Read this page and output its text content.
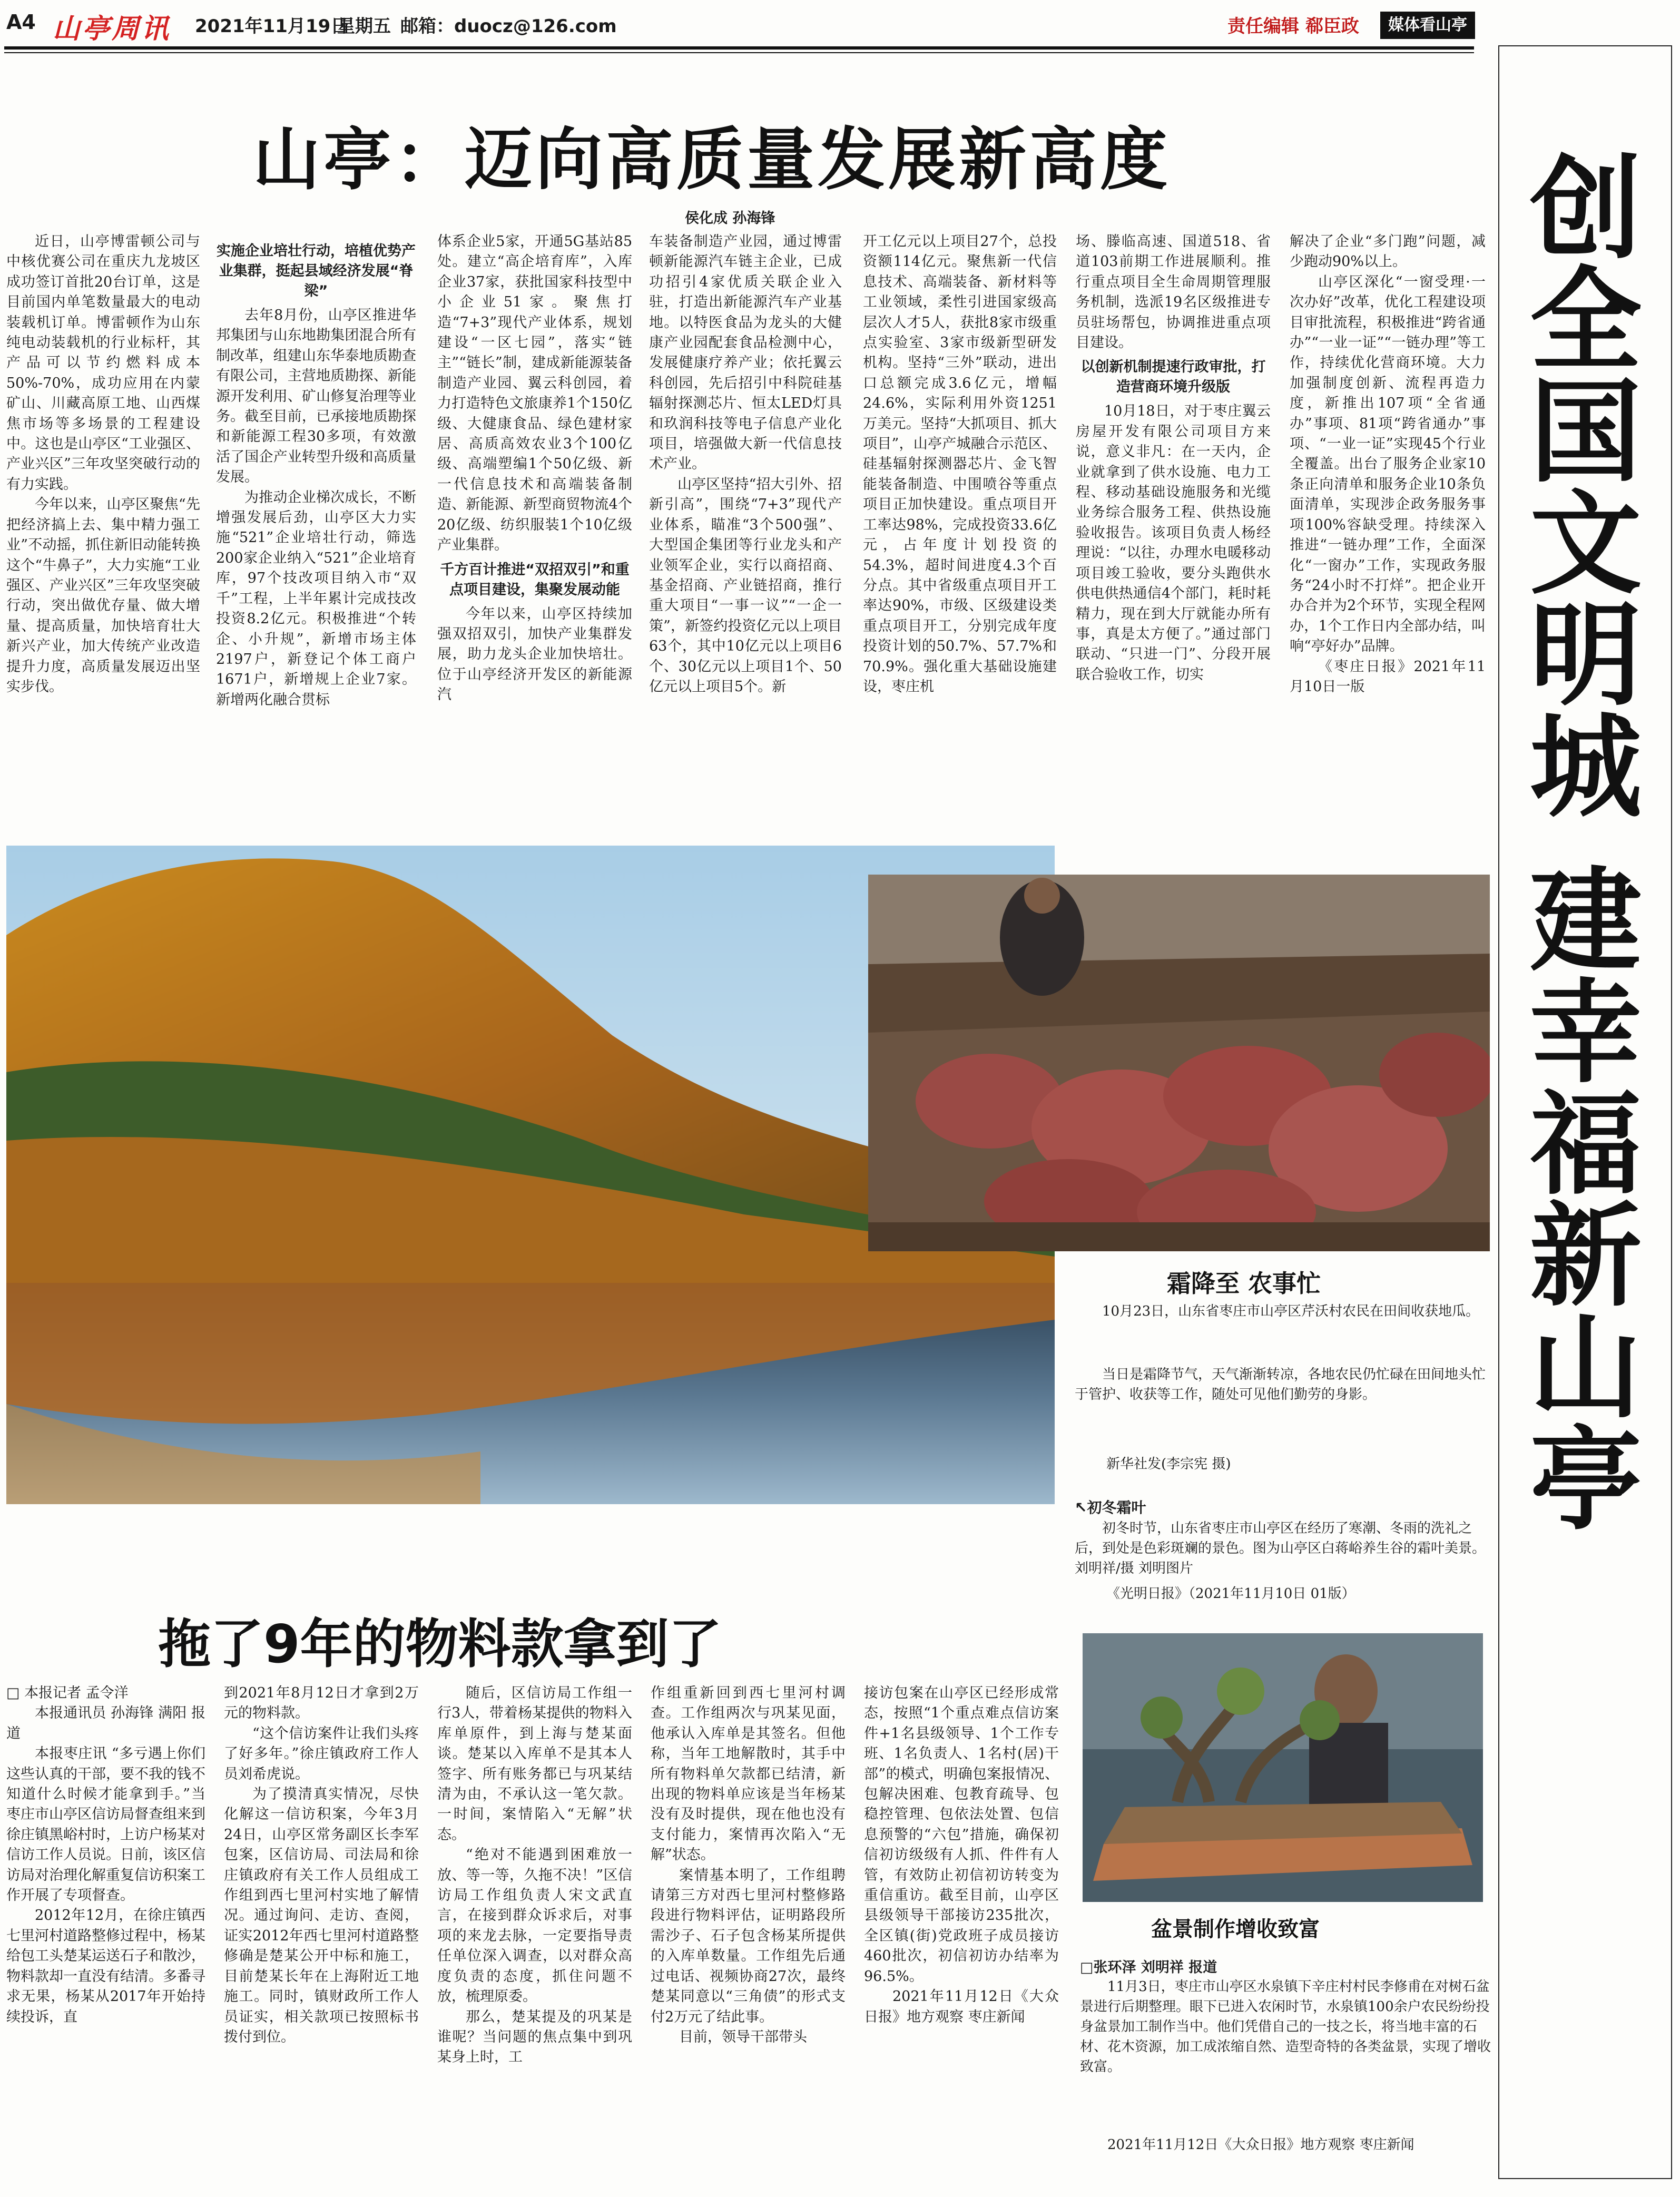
A4 山亭周讯 2021年11月19日
星期五 邮箱：duocz@126.com	责任编辑 郗臣政	媒体看山亭
创
全
国
文
明
城
建
幸
福
新
山
亭
山亭：迈向高质量发展新高度
侯化成 孙海锋

近日，山亭博雷顿公司与中核优赛公司在重庆九龙坡区成功签订首批20台订单，这是目前国内单笔数量最大的电动装载机订单。博雷顿作为山东纯电动装载机的行业标杆，其产品可以节约燃料成本50%-70%，成功应用在内蒙矿山、川藏高原工地、山西煤焦市场等多场景的工程建设中。这也是山亭区“工业强区、产业兴区”三年攻坚突破行动的有力实践。

今年以来，山亭区聚焦“先把经济搞上去、集中精力强工业”不动摇，抓住新旧动能转换这个“牛鼻子”，大力实施“工业强区、产业兴区”三年攻坚突破行动，突出做优存量、做大增量、提高质量，加快培育壮大新兴产业，加大传统产业改造提升力度，高质量发展迈出坚实步伐。

实施企业培壮行动，培植优势产业集群，挺起县域经济发展“脊梁”

去年8月份，山亭区推进华邦集团与山东地勘集团混合所有制改革，组建山东华泰地质勘查有限公司，主营地质勘探、新能源开发利用、矿山修复治理等业务。截至目前，已承接地质勘探和新能源工程30多项，有效激活了国企产业转型升级和高质量发展。

为推动企业梯次成长，不断增强发展后劲，山亭区大力实施“521”企业培壮行动，筛选200家企业纳入“521”企业培育库，97个技改项目纳入市“双千”工程，上半年累计完成技改投资8.2亿元。积极推进“个转企、小升规”，新增市场主体2197户，新登记个体工商户1671户，新增规上企业7家。新增两化融合贯标

体系企业5家，开通5G基站85处。建立“高企培育库”，入库企业37家，获批国家科技型中小企业51家。聚焦打造“7+3”现代产业体系，规划建设“一区七园”，落实“链主”“链长”制，建成新能源装备制造产业园、翼云科创园，着力打造特色文旅康养1个150亿级、大健康食品、绿色建材家居、高质高效农业3个100亿级、高端塑编1个50亿级、新一代信息技术和高端装备制造、新能源、新型商贸物流4个20亿级、纺织服装1个10亿级产业集群。

千方百计推进“双招双引”和重点项目建设，集聚发展动能

今年以来，山亭区持续加强双招双引，加快产业集群发展，助力龙头企业加快培壮。位于山亭经济开发区的新能源汽

车装备制造产业园，通过博雷顿新能源汽车链主企业，已成功招引4家优质关联企业入驻，打造出新能源汽车产业基地。以特医食品为龙头的大健康产业园配套食品检测中心，发展健康疗养产业；依托翼云科创园，先后招引中科院硅基辐射探测芯片、恒太LED灯具和玖润科技等电子信息产业化项目，培强做大新一代信息技术产业。

山亭区坚持“招大引外、招新引高”，围绕“7+3”现代产业体系，瞄准“3个500强”、大型国企集团等行业龙头和产业领军企业，实行以商招商、基金招商、产业链招商，推行重大项目“一事一议”“一企一策”，新签约投资亿元以上项目63个，其中10亿元以上项目6个、30亿元以上项目1个、50亿元以上项目5个。新

开工亿元以上项目27个，总投资额114亿元。聚焦新一代信息技术、高端装备、新材料等工业领域，柔性引进国家级高层次人才5人，获批8家市级重点实验室、3家市级新型研发机构。坚持“三外”联动，进出口总额完成3.6亿元，增幅24.6%，实际利用外资1251万美元。坚持“大抓项目、抓大项目”，山亭产城融合示范区、硅基辐射探测器芯片、金飞智能装备制造、中围喷谷等重点项目正加快建设。重点项目开工率达98%，完成投资33.6亿元，占年度计划投资的54.3%，超时间进度4.3个百分点。其中省级重点项目开工率达90%，市级、区级建设类重点项目开工，分别完成年度投资计划的50.7%、57.7%和70.9%。强化重大基础设施建设，枣庄机

场、滕临高速、国道518、省道103前期工作进展顺利。推行重点项目全生命周期管理服务机制，选派19名区级推进专员驻场帮包，协调推进重点项目建设。

以创新机制提速行政审批，打造营商环境升级版

10月18日，对于枣庄翼云房屋开发有限公司项目方来说，意义非凡：在一天内，企业就拿到了供水设施、电力工程、移动基础设施服务和光缆业务综合服务工程、供热设施验收报告。该项目负责人杨经理说：“以往，办理水电暖移动项目竣工验收，要分头跑供水供电供热通信4个部门，耗时耗精力，现在到大厅就能办所有事，真是太方便了。”通过部门联动、“只进一门”、分段开展联合验收工作，切实

解决了企业“多门跑”问题，减少跑动90%以上。

山亭区深化“一窗受理·一次办好”改革，优化工程建设项目审批流程，积极推进“跨省通办”“一业一证”“一链办理”等工作，持续优化营商环境。大力加强制度创新、流程再造力度，新推出107项“全省通办”事项、81项“跨省通办”事项、“一业一证”实现45个行业全覆盖。出台了服务企业家10条正向清单和服务企业10条负面清单，实现涉企政务服务事项100%容缺受理。持续深入推进“一链办理”工作，全面深化“一窗办”工作，实现政务服务“24小时不打烊”。把企业开办合并为2个环节，实现全程网办，1个工作日内全部办结，叫响“亭好办”品牌。

《枣庄日报》2021年11月10日一版

霜降至 农事忙
10月23日，山东省枣庄市山亭区芹沃村农民在田间收获地瓜。
当日是霜降节气，天气渐渐转凉，各地农民仍忙碌在田间地头忙于管护、收获等工作，随处可见他们勤劳的身影。
新华社发(李宗宪 摄)
↖初冬霜叶
初冬时节，山东省枣庄市山亭区在经历了寒潮、冬雨的洗礼之后，到处是色彩斑斓的景色。图为山亭区白蒋峪养生谷的霜叶美景。刘明祥/摄 刘明图片
《光明日报》（2021年11月10日 01版）
拖了9年的物料款拿到了

□ 本报记者 孟令洋

本报通讯员 孙海锋 满阳 报道

本报枣庄讯 “多亏遇上你们这些认真的干部，要不我的钱不知道什么时候才能拿到手。”当枣庄市山亭区信访局督查组来到徐庄镇黑峪村时，上访户杨某对信访工作人员说。日前，该区信访局对治理化解重复信访积案工作开展了专项督查。

2012年12月，在徐庄镇西七里河村道路整修过程中，杨某给包工头楚某运送石子和散沙，物料款却一直没有结清。多番寻求无果，杨某从2017年开始持续投诉，直

到2021年8月12日才拿到2万元的物料款。

“这个信访案件让我们头疼了好多年。”徐庄镇政府工作人员刘希虎说。

为了摸清真实情况，尽快化解这一信访积案，今年3月24日，山亭区常务副区长李军包案，区信访局、司法局和徐庄镇政府有关工作人员组成工作组到西七里河村实地了解情况。通过询问、走访、查阅，证实2012年西七里河村道路整修确是楚某公开中标和施工，目前楚某长年在上海附近工地施工。同时，镇财政所工作人员证实，相关款项已按照标书拨付到位。

随后，区信访局工作组一行3人，带着杨某提供的物料入库单原件，到上海与楚某面谈。楚某以入库单不是其本人签字、所有账务都已与巩某结清为由，不承认这一笔欠款。一时间，案情陷入“无解”状态。

“绝对不能遇到困难放一放、等一等，久拖不决！”区信访局工作组负责人宋文武直言，在接到群众诉求后，对事项的来龙去脉，一定要指导责任单位深入调查，以对群众高度负责的态度，抓住问题不放，梳理原委。

那么，楚某提及的巩某是谁呢？当问题的焦点集中到巩某身上时，工

作组重新回到西七里河村调查。工作组两次与巩某见面，他承认入库单是其签名。但他称，当年工地解散时，其手中所有物料单欠款都已结清，新出现的物料单应该是当年杨某没有及时提供，现在他也没有支付能力，案情再次陷入“无解”状态。

案情基本明了，工作组聘请第三方对西七里河村整修路段进行物料评估，证明路段所需沙子、石子包含杨某所提供的入库单数量。工作组先后通过电话、视频协商27次，最终楚某同意以“三角债”的形式支付2万元了结此事。

目前，领导干部带头

接访包案在山亭区已经形成常态，按照“1个重点难点信访案件+1名县级领导、1个工作专班、1名负责人、1名村(居)干部”的模式，明确包案报情况、包解决困难、包教育疏导、包稳控管理、包依法处置、包信息预警的“六包”措施，确保初信初访级级有人抓、件件有人管，有效防止初信初访转变为重信重访。截至目前，山亭区县级领导干部接访235批次，全区镇(街)党政班子成员接访460批次，初信初访办结率为96.5%。

2021年11月12日《大众日报》地方观察 枣庄新闻

盆景制作增收致富
□张环泽 刘明祥 报道
11月3日，枣庄市山亭区水泉镇下辛庄村村民李修甫在对树石盆景进行后期整理。眼下已进入农闲时节，水泉镇100余户农民纷纷投身盆景加工制作当中。他们凭借自己的一技之长，将当地丰富的石材、花木资源，加工成浓缩自然、造型奇特的各类盆景，实现了增收致富。
2021年11月12日《大众日报》地方观察 枣庄新闻
